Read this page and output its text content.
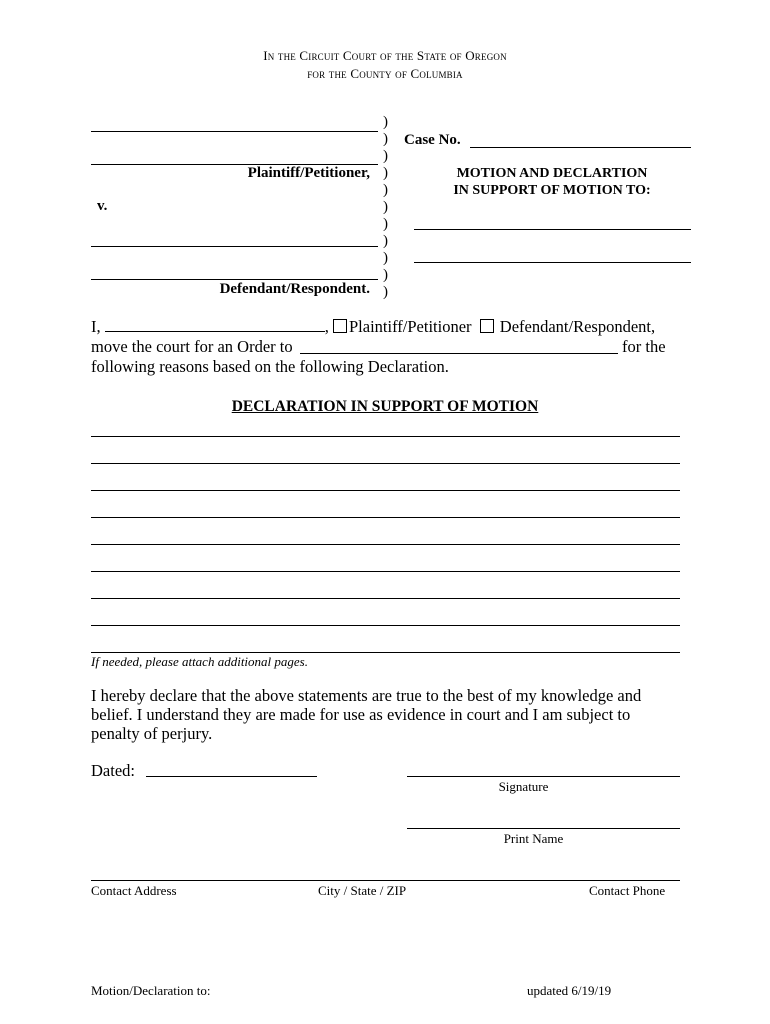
In the Circuit Court of the State of Oregon
for the County of Columbia
Plaintiff/Petitioner,
v.
Defendant/Respondent.
)
)
)
)
)
)
)
)
)
)
)
Case No.
MOTION AND DECLARTION
IN SUPPORT OF MOTION TO:
I,	, Plaintiff/Petitioner Defendant/Respondent,
move the court for an Order to	for the
following reasons based on the following Declaration.
DECLARATION IN SUPPORT OF MOTION
If needed, please attach additional pages.
I hereby declare that the above statements are true to the best of my knowledge and belief. I understand they are made for use as evidence in court and I am subject to penalty of perjury.
Dated:
Signature
Print Name
Contact Address	City / State / ZIP	Contact Phone
Motion/Declaration to:	updated 6/19/19
